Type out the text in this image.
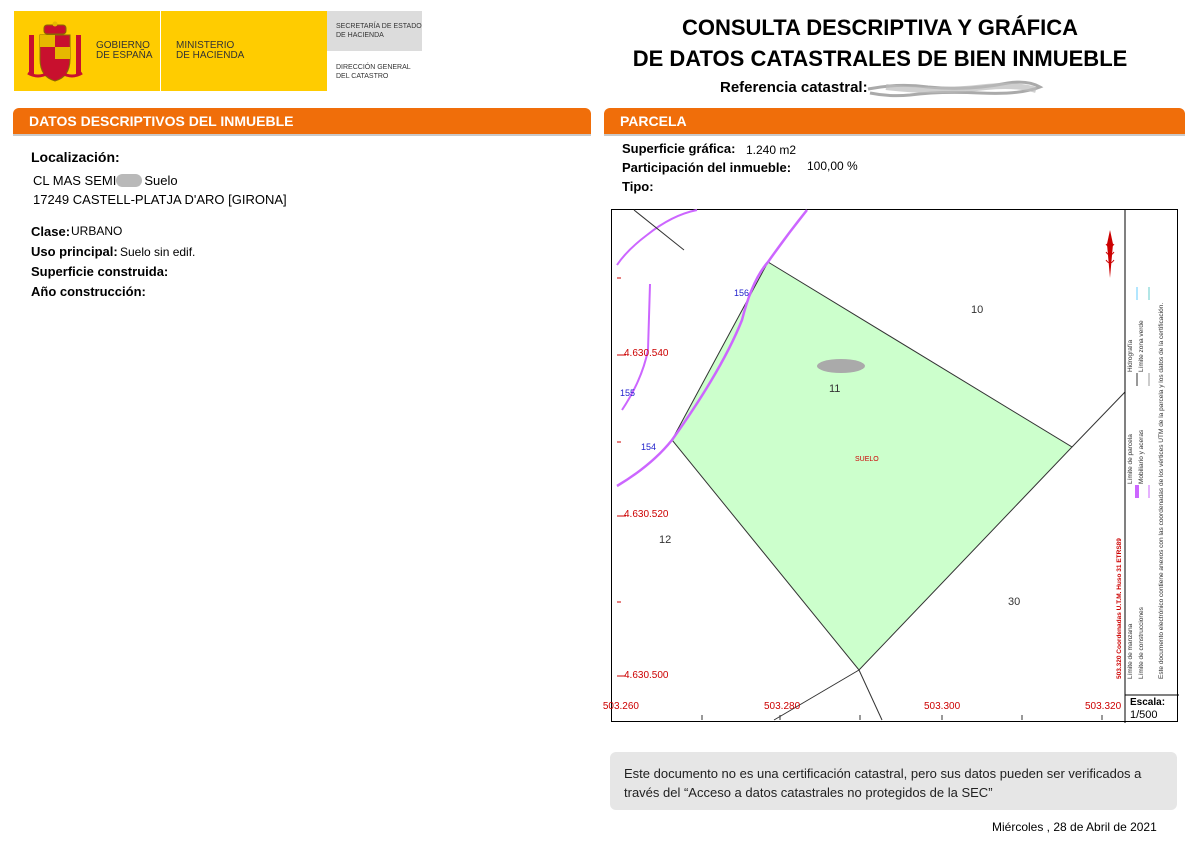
GOBIERNO
DE ESPAÑA
MINISTERIO
DE HACIENDA
SECRETARÍA DE ESTADO
DE HACIENDA
DIRECCIÓN GENERAL
DEL CATASTRO
CONSULTA DESCRIPTIVA Y GRÁFICA
DE DATOS CATASTRALES DE BIEN INMUEBLE
Referencia catastral:
DATOS DESCRIPTIVOS DEL INMUEBLE
Localización:
CL MAS SEMI Suelo
17249 CASTELL-PLATJA D'ARO [GIRONA]
Clase: URBANO
Uso principal: Suelo sin edif.
Superficie construida:
Año construcción:
PARCELA
Superficie gráfica: 1.240 m2
Participación del inmueble: 100,00 %
Tipo:
10
11
12
30
SUELO
156
155
154
4.630.540
4.630.520
4.630.500
503.260	503.280	503.300	503.320
503.320 Coordenadas U.T.M. Huso 31 ETRS89 Límite de manzanaLímite de parcelaHidrografía
Límite de construccionesMobiliario y acerasLímite zona verde	Este documento electrónico contiene anexos con las coordenadas de los vértices UTM de la parcela y los datos de la certificación.
Escala:
1/500
Este documento no es una certificación catastral, pero sus datos pueden ser verificados a través del “Acceso a datos catastrales no protegidos de la SEC”
Miércoles , 28 de Abril de 2021
